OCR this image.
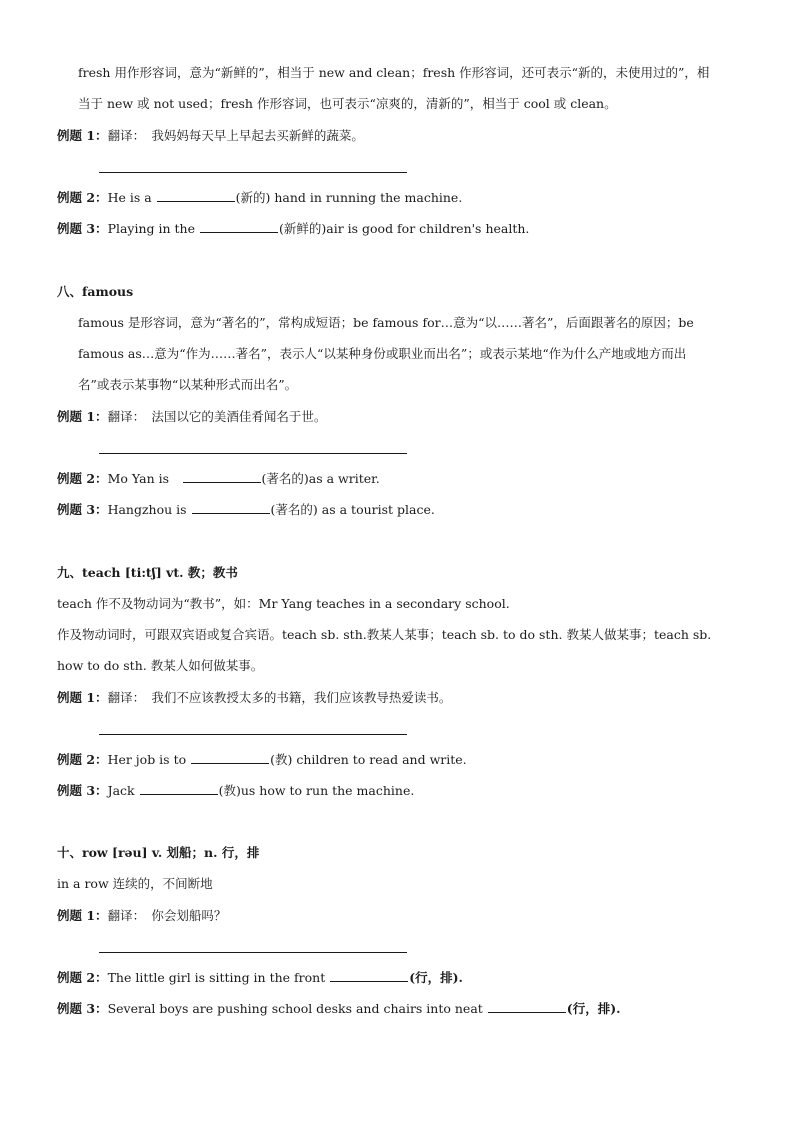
fresh 用作形容词，意为“新鲜的”，相当于 new and clean；fresh 作形容词，还可表示“新的，未使用过的”，相
当于 new 或 not used；fresh 作形容词，也可表示“凉爽的，清新的”，相当于 cool 或 clean。
例题 1：翻译：　我妈妈每天早上早起去买新鲜的蔬菜。
例题 2：He is a	(新的) hand in running the machine.
例题 3：Playing in the	(新鲜的)air is good for children's health.
八、famous
famous 是形容词，意为“著名的”，常构成短语；be famous for…意为“以……著名”，后面跟著名的原因；be
famous as…意为“作为……著名”，表示人“以某种身份或职业而出名”；或表示某地“作为什么产地或地方而出
名”或表示某事物“以某种形式而出名”。
例题 1：翻译：　法国以它的美酒佳肴闻名于世。
例题 2：Mo Yan is　	(著名的)as a writer.
例题 3：Hangzhou is	(著名的) as a tourist place.
九、teach [ti:tʃ] vt. 教；教书
teach 作不及物动词为“教书”，如：Mr Yang teaches in a secondary school.
作及物动词时，可跟双宾语或复合宾语。teach sb. sth.教某人某事；teach sb. to do sth. 教某人做某事；teach sb.
how to do sth. 教某人如何做某事。
例题 1：翻译：　我们不应该教授太多的书籍，我们应该教导热爱读书。
例题 2：Her job is to	(教) children to read and write.
例题 3：Jack	(教)us how to run the machine.
十、row [rəu] v. 划船；n. 行，排
in a row 连续的，不间断地
例题 1：翻译：　你会划船吗？
例题 2：The little girl is sitting in the front	(行，排).
例题 3：Several boys are pushing school desks and chairs into neat	(行，排).
